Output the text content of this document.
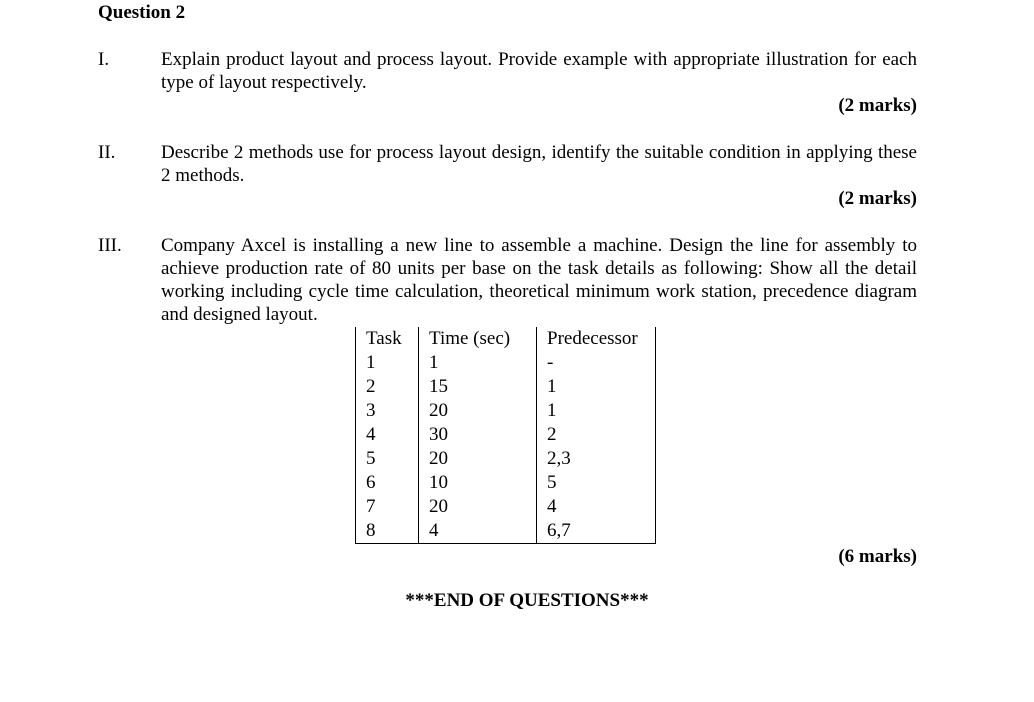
Question 2
I.	Explain product layout and process layout. Provide example with appropriate illustration for each type of layout respectively.

(2 marks)
II. Describe 2 methods use for process layout design, identify the suitable condition in applying these 2 methods.

(2 marks)
III. Company Axcel is installing a new line to assemble a machine. Design the line for assembly to achieve production rate of 80 units per base on the task details as following: Show all the detail working including cycle time calculation, theoretical minimum work station, precedence diagram and designed layout.

Task	Time (sec)	Predecessor
1	1	-
2	15	1
3	20	1
4	30	2
5	20	2,3
6	10	5
7	20	4
8	4	6,7
(6 marks)
***END OF QUESTIONS***
